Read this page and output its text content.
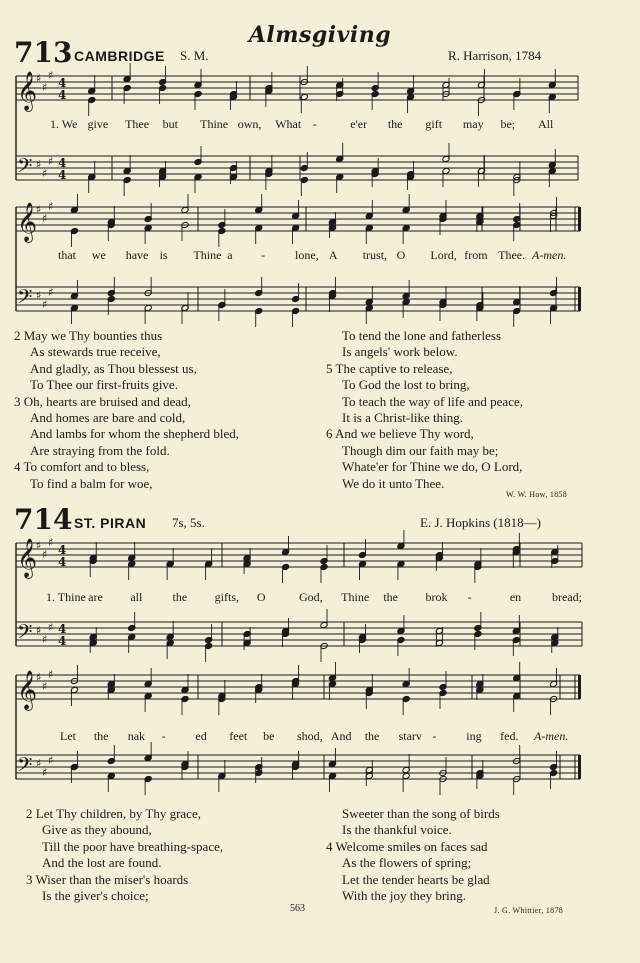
Almsgiving
713 CAMBRIDGE S. M.	R. Harrison, 1784
714 ST. PIRAN 7s, 5s.	E. J. Hopkins (1818—)
𝄞
♯
♯
♯
4
4
𝄢 ♯
♯
♯ 4
4
𝄞
♯
♯
♯
𝄢 ♯
♯
♯
𝄞
♯
♯
♯
4
4
𝄢 ♯
♯
♯ 4
4
𝄞
♯
♯
♯
𝄢 ♯
♯
♯
1. We give Thee but Thine own, What -	e'er the gift may be; All
that we have is Thine a - lone, A trust, O Lord, from Thee. A-men.
1. Thine are all	the gifts, O	God, Thine the brok -	en	bread;
Let the nak - ed feet be shod, And the starv - ing fed. A-men.
2 May we Thy bounties thus
As stewards true receive,
And gladly, as Thou blessest us,
To Thee our first-fruits give.
3 Oh, hearts are bruised and dead,
And homes are bare and cold,
And lambs for whom the shepherd bled,
Are straying from the fold.
4 To comfort and to bless,
To find a balm for woe,
To tend the lone and fatherless
Is angels' work below.
5 The captive to release,
To God the lost to bring,
To teach the way of life and peace,
It is a Christ-like thing.
6 And we believe Thy word,
Though dim our faith may be;
Whate'er for Thine we do, O Lord,
We do it unto Thee.
W. W. How, 1858
2 Let Thy children, by Thy grace,
Give as they abound,
Till the poor have breathing-space,
And the lost are found.
3 Wiser than the miser's hoards
Is the giver's choice;
Sweeter than the song of birds
Is the thankful voice.
4 Welcome smiles on faces sad
As the flowers of spring;
Let the tender hearts be glad
With the joy they bring.
J. G. Whittier, 1878
563
